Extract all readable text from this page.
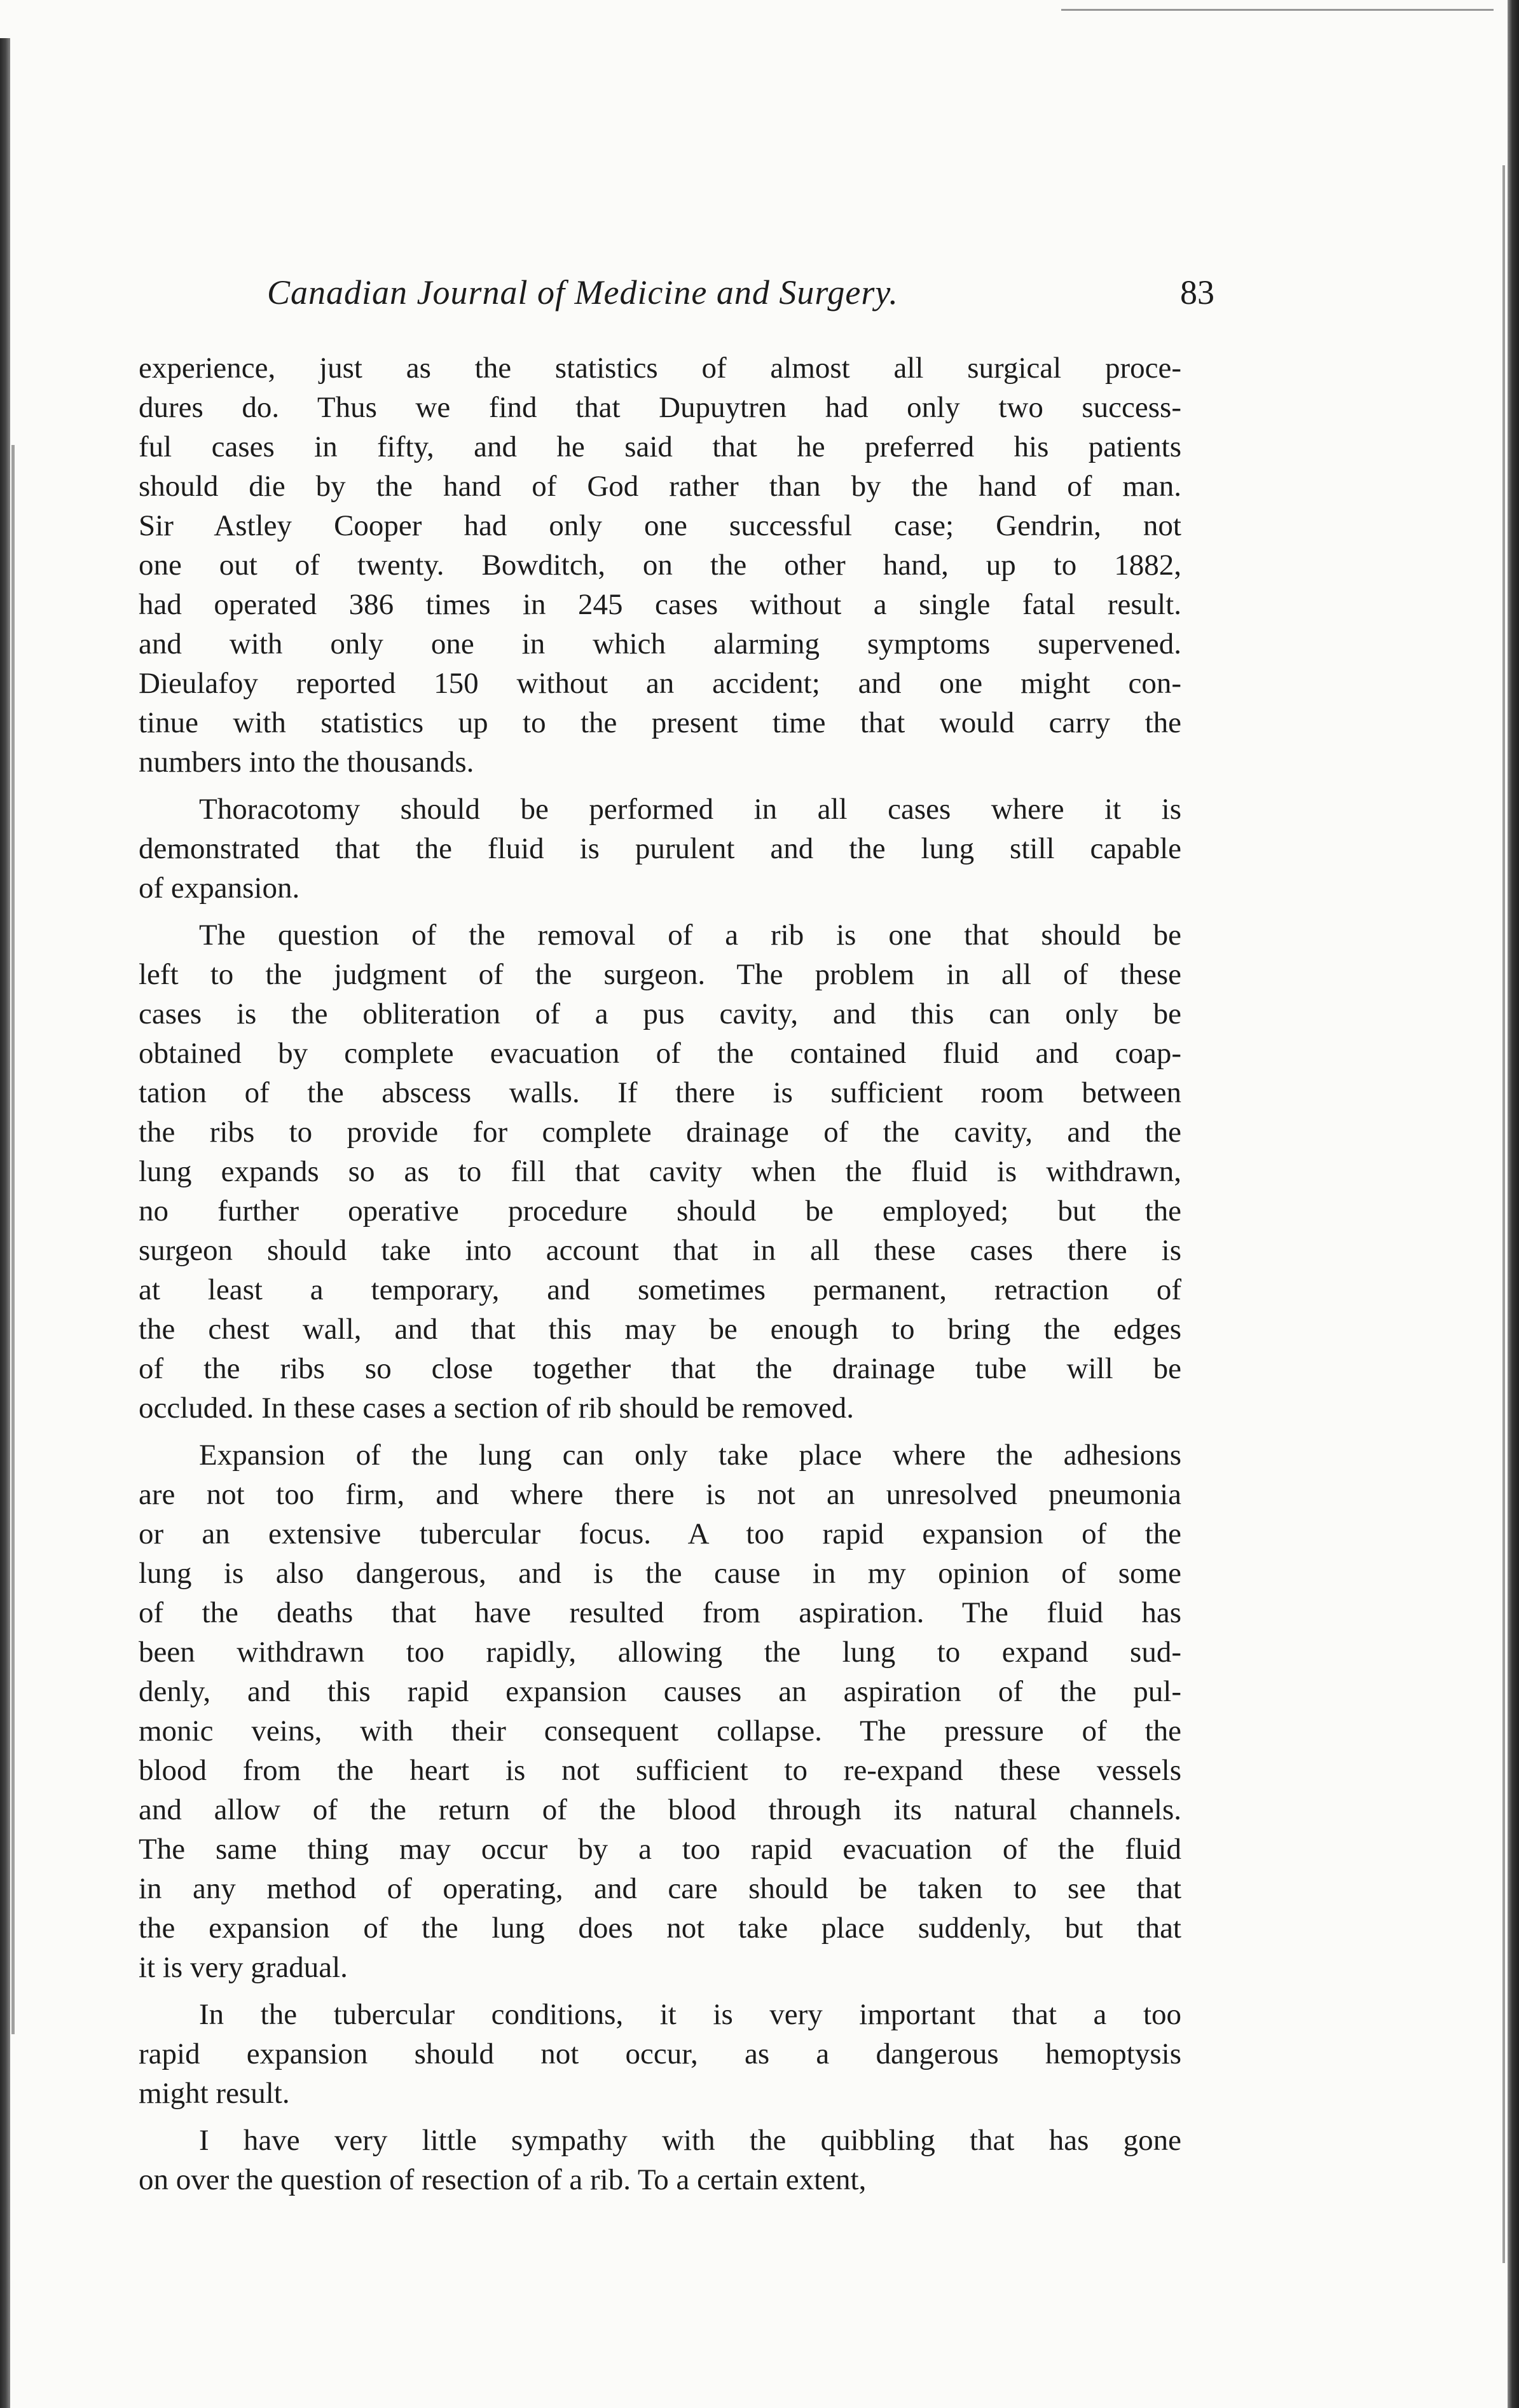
Canadian Journal of Medicine and Surgery.	83
experience, just as the statistics of almost all surgical proce-
dures do. Thus we find that Dupuytren had only two success-
ful cases in fifty, and he said that he preferred his patients
should die by the hand of God rather than by the hand of man.
Sir Astley Cooper had only one successful case; Gendrin, not
one out of twenty. Bowditch, on the other hand, up to 1882,
had operated 386 times in 245 cases without a single fatal result.
and with only one in which alarming symptoms supervened.
Dieulafoy reported 150 without an accident; and one might con-
tinue with statistics up to the present time that would carry the
numbers into the thousands.
Thoracotomy should be performed in all cases where it is
demonstrated that the fluid is purulent and the lung still capable
of expansion.
The question of the removal of a rib is one that should be
left to the judgment of the surgeon. The problem in all of these
cases is the obliteration of a pus cavity, and this can only be
obtained by complete evacuation of the contained fluid and coap-
tation of the abscess walls. If there is sufficient room between
the ribs to provide for complete drainage of the cavity, and the
lung expands so as to fill that cavity when the fluid is withdrawn,
no further operative procedure should be employed; but the
surgeon should take into account that in all these cases there is
at least a temporary, and sometimes permanent, retraction of
the chest wall, and that this may be enough to bring the edges
of the ribs so close together that the drainage tube will be
occluded. In these cases a section of rib should be removed.
Expansion of the lung can only take place where the adhesions
are not too firm, and where there is not an unresolved pneumonia
or an extensive tubercular focus. A too rapid expansion of the
lung is also dangerous, and is the cause in my opinion of some
of the deaths that have resulted from aspiration. The fluid has
been withdrawn too rapidly, allowing the lung to expand sud-
denly, and this rapid expansion causes an aspiration of the pul-
monic veins, with their consequent collapse. The pressure of the
blood from the heart is not sufficient to re-expand these vessels
and allow of the return of the blood through its natural channels.
The same thing may occur by a too rapid evacuation of the fluid
in any method of operating, and care should be taken to see that
the expansion of the lung does not take place suddenly, but that
it is very gradual.
In the tubercular conditions, it is very important that a too
rapid expansion should not occur, as a dangerous hemoptysis
might result.
I have very little sympathy with the quibbling that has gone
on over the question of resection of a rib. To a certain extent,
